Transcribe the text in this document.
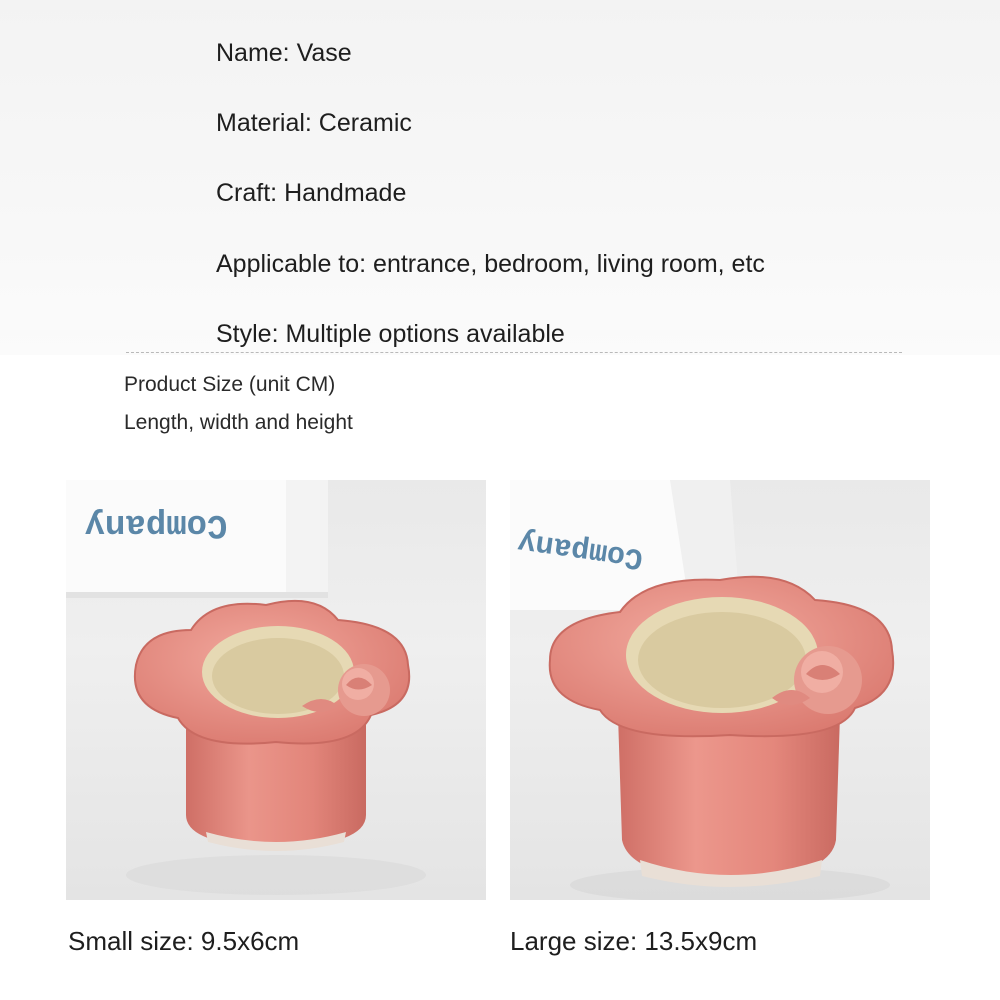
Name: Vase
Material: Ceramic
Craft: Handmade
Applicable to: entrance, bedroom, living room, etc
Style: Multiple options available
Product Size (unit CM)
Length, width and height
Company	Company
Small size: 9.5x6cm	Large size: 13.5x9cm
